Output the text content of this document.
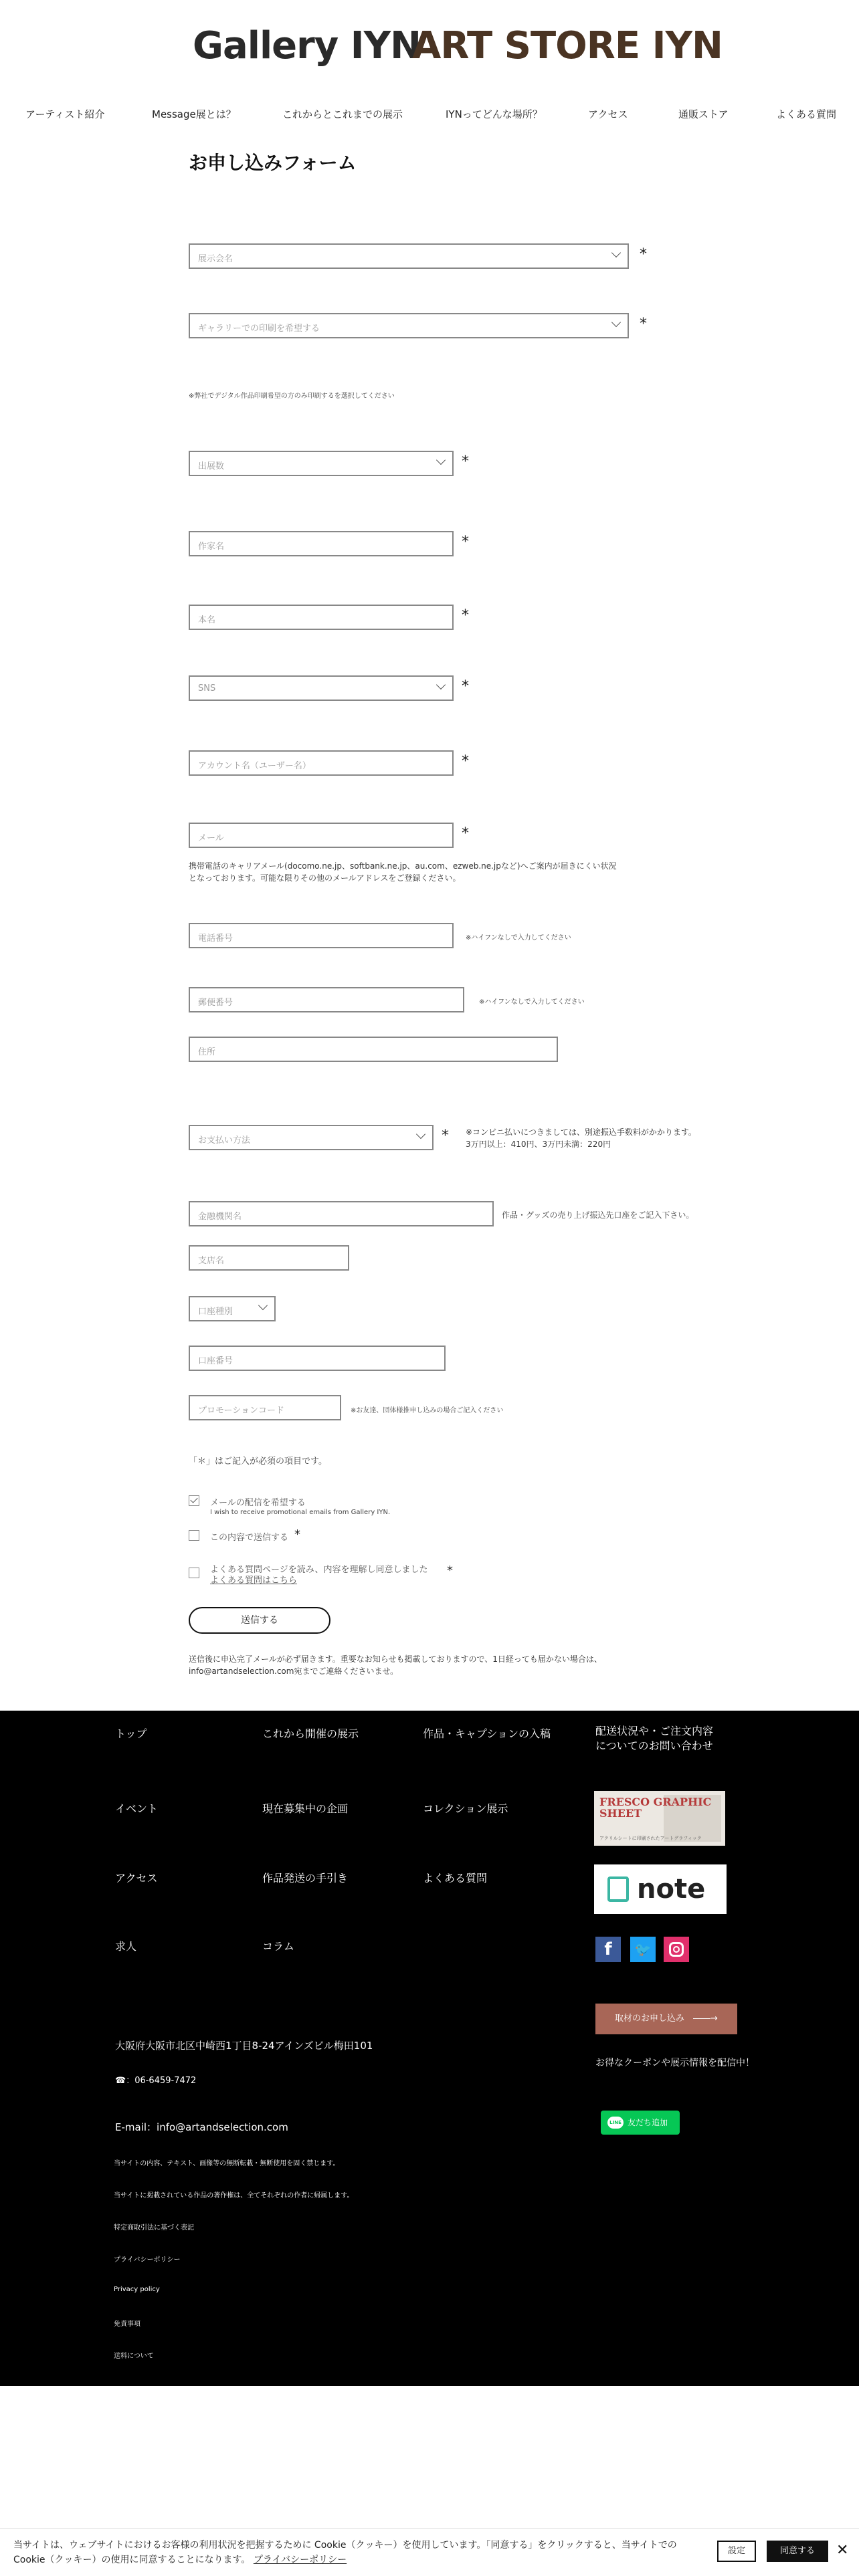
Gallery IYN
ART STORE IYN
アーティスト紹介	Message展とは？	これからとこれまでの展示	IYNってどんな場所？	アクセス	通販ストア	よくある質問
お申し込みフォーム
展示会名	*
ギャラリーでの印刷を希望する	*
※弊社でデジタル作品印刷希望の方のみ印刷するを選択してください
出展数	*
作家名	*
本名	*
SNS	*
アカウント名（ユーザー名）	*
メール	*
携帯電話のキャリアメール(docomo.ne.jp、softbank.ne.jp、au.com、ezweb.ne.jpなど)へご案内が届きにくい状況となっております。可能な限りその他のメールアドレスをご登録ください。
電話番号	※ハイフンなしで入力してください
郵便番号	※ハイフンなしで入力してください
住所
お支払い方法	* ※コンビニ払いにつきましては、別途振込手数料がかかります。3万円以上：410円、3万円未満：220円
金融機関名	作品・グッズの売り上げ振込先口座をご記入下さい。
支店名
口座種別
口座番号
プロモーションコード	※お友達、団体様推申し込みの場合ご記入ください
「＊」はご記入が必須の項目です。
メールの配信を希望する
I wish to receive promotional emails from Gallery IYN.
この内容で送信する *
よくある質問ページを読み、内容を理解し同意しました
よくある質問はこちら
*
送信する
送信後に申込完了メールが必ず届きます。重要なお知らせも掲載しておりますので、1日経っても届かない場合は、info@artandselection.com宛までご連絡くださいませ。
トップ
イベント
アクセス
求人
これから開催の展示
現在募集中の企画
作品発送の手引き
コラム
作品・キャプションの入稿
コレクション展示
よくある質問
配送状況や・ご注文内容
についてのお問い合わせ
FRESCO GRAPHIC SHEET
アクリルシートに印刷されたアートグラフィック
note
f	🐦
大阪府大阪市北区中崎西1丁目8-24アインズビル梅田101
☎：06-6459-7472
E-mail：info@artandselection.com
当サイトの内容、テキスト、画像等の無断転載・無断使用を固く禁じます。
当サイトに掲載されている作品の著作権は、全てそれぞれの作者に帰属します。
特定商取引法に基づく表記
プライバシーポリシー
Privacy policy
免責事項
送料について
取材のお申し込み　――→
お得なクーポンや展示情報を配信中！
LINE 友だち追加
当サイトは、ウェブサイトにおけるお客様の利用状況を把握するために Cookie（クッキー）を使用しています。「同意する」をクリックすると、当サイトでの Cookie（クッキー）の使用に同意することになります。 プライバシーポリシー
設定	同意する	✕
